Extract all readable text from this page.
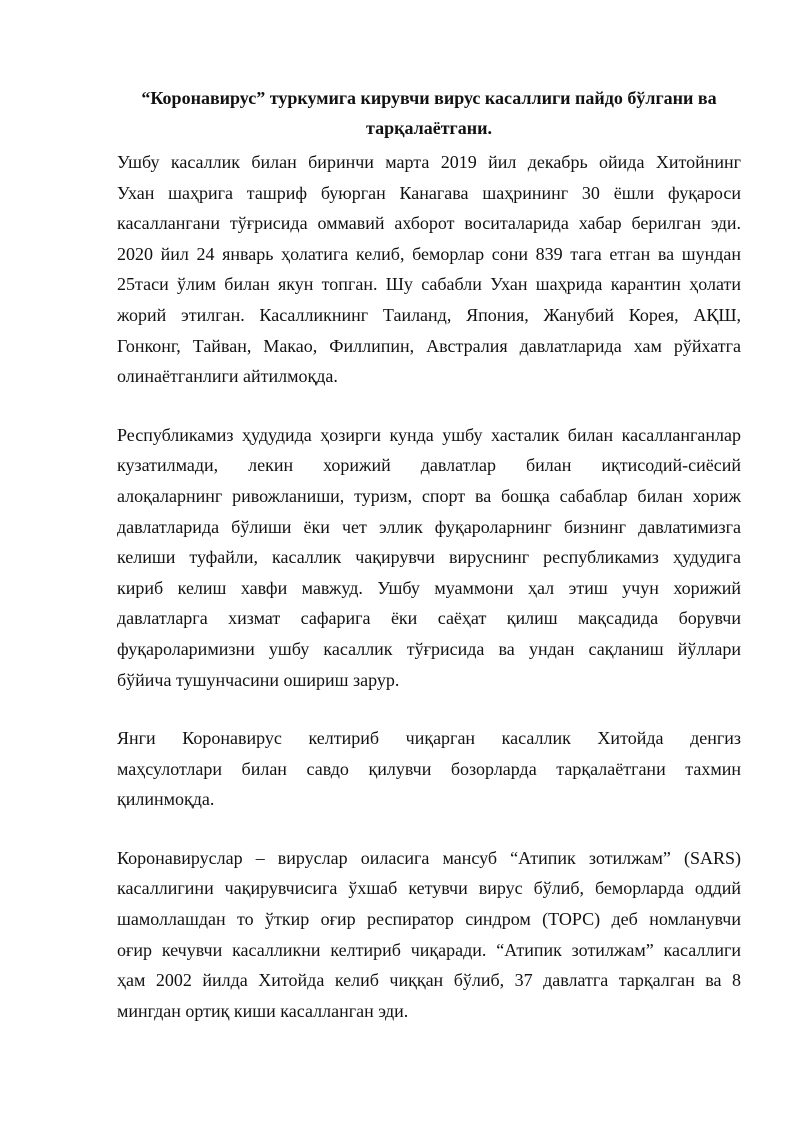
“Коронавирус” туркумига кирувчи вирус касаллиги пайдо бўлгани ва
тарқалаётгани.

Ушбу касаллик билан биринчи марта 2019 йил декабрь ойида Хитойнинг
Ухан шаҳрига ташриф буюрган Канагава шаҳрининг 30 ёшли фуқароси
касаллангани тўғрисида оммавий ахборот воситаларида хабар берилган эди.
2020 йил 24 январь ҳолатига келиб, беморлар сони 839 тага етган ва шундан
25таси ўлим билан якун топган. Шу сабабли Ухан шаҳрида карантин ҳолати
жорий этилган. Касалликнинг Таиланд, Япония, Жанубий Корея, АҚШ,
Гонконг, Тайван, Макао, Филлипин, Австралия давлатларида хам рўйхатга
олинаётганлиги айтилмоқда.

Республикамиз ҳудудида ҳозирги кунда ушбу хасталик билан касалланганлар
кузатилмади, лекин хорижий давлатлар билан иқтисодий-сиёсий
алоқаларнинг ривожланиши, туризм, спорт ва бошқа сабаблар билан хориж
давлатларида бўлиши ёки чет эллик фуқароларнинг бизнинг давлатимизга
келиши туфайли, касаллик чақирувчи вируснинг республикамиз ҳудудига
кириб келиш хавфи мавжуд. Ушбу муаммони ҳал этиш учун хорижий
давлатларга хизмат сафарига ёки саёҳат қилиш мақсадида борувчи
фуқароларимизни ушбу касаллик тўғрисида ва ундан сақланиш йўллари
бўйича тушунчасини ошириш зарур.

Янги Коронавирус келтириб чиқарган касаллик Хитойда денгиз
маҳсулотлари билан савдо қилувчи бозорларда тарқалаётгани тахмин
қилинмоқда.

Коронавируслар – вируслар оиласига мансуб “Атипик зотилжам” (SARS)
касаллигини чақирувчисига ўхшаб кетувчи вирус бўлиб, беморларда оддий
шамоллашдан то ўткир оғир респиратор синдром (ТОРС) деб номланувчи
оғир кечувчи касалликни келтириб чиқаради. “Атипик зотилжам” касаллиги
ҳам 2002 йилда Хитойда келиб чиққан бўлиб, 37 давлатга тарқалган ва 8
мингдан ортиқ киши касалланган эди.
